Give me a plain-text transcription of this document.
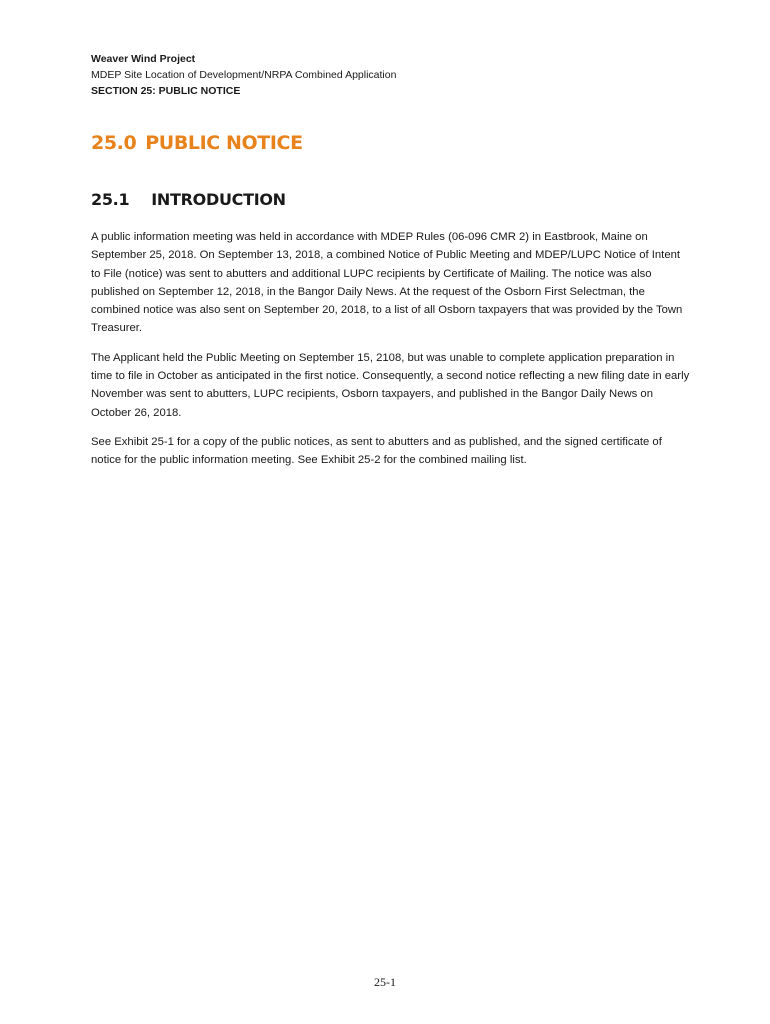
Weaver Wind Project
MDEP Site Location of Development/NRPA Combined Application
SECTION 25: PUBLIC NOTICE
25.0 PUBLIC NOTICE
25.1 INTRODUCTION

A public information meeting was held in accordance with MDEP Rules (06-096 CMR 2) in Eastbrook, Maine on September 25, 2018. On September 13, 2018, a combined Notice of Public Meeting and MDEP/LUPC Notice of Intent to File (notice) was sent to abutters and additional LUPC recipients by Certificate of Mailing. The notice was also published on September 12, 2018, in the Bangor Daily News. At the request of the Osborn First Selectman, the combined notice was also sent on September 20, 2018, to a list of all Osborn taxpayers that was provided by the Town Treasurer.

The Applicant held the Public Meeting on September 15, 2108, but was unable to complete application preparation in time to file in October as anticipated in the first notice. Consequently, a second notice reflecting a new filing date in early November was sent to abutters, LUPC recipients, Osborn taxpayers, and published in the Bangor Daily News on October 26, 2018.

See Exhibit 25-1 for a copy of the public notices, as sent to abutters and as published, and the signed certificate of notice for the public information meeting. See Exhibit 25-2 for the combined mailing list.

25-1
